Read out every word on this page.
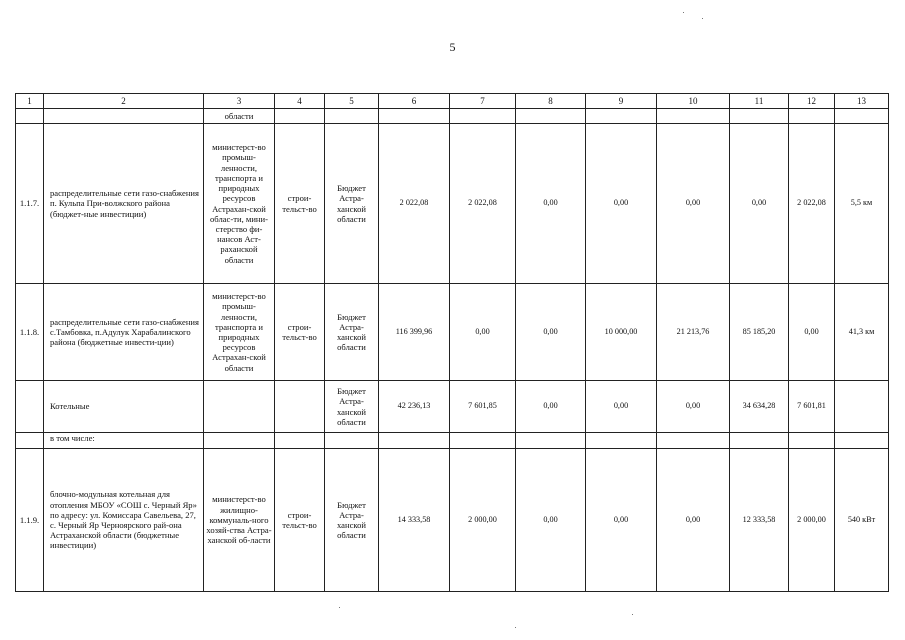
5
1	2	3	4	5	6	7	8	9	10	11	12	13
		области										
1.1.7.	распределительные сети газо-снабжения п. Кульпа При-волжского района (бюджет-ные инвестиции)	министерст-во промыш-ленности, транспорта и природных ресурсов Астрахан-ской облас-ти, мини-стерство фи-нансов Аст-раханской области	строи-тельст-во	Бюджет Астра-ханской области	2 022,08	2 022,08	0,00	0,00	0,00	0,00	2 022,08	5,5 км
1.1.8.	распределительные сети газо-снабжения с.Тамбовка, п.Адулук Харабалинского района (бюджетные инвести-ции)	министерст-во промыш-ленности, транспорта и природных ресурсов Астрахан-ской области	строи-тельст-во	Бюджет Астра-ханской области	116 399,96	0,00	0,00	10 000,00	21 213,76	85 185,20	0,00	41,3 км
	Котельные			Бюджет Астра-ханской области	42 236,13	7 601,85	0,00	0,00	0,00	34 634,28	7 601,81	
	в том числе:											
1.1.9.	блочно-модульная котельная для отопления МБОУ «СОШ с. Черный Яр» по адресу: ул. Комиссара Савельева, 27, с. Черный Яр Черноярского рай-она Астраханской области (бюджетные инвестиции)	министерст-во жилищно-коммуналь-ного хозяй-ства Астра-ханской об-ласти	строи-тельст-во	Бюджет Астра-ханской области	14 333,58	2 000,00	0,00	0,00	0,00	12 333,58	2 000,00	540 кВт
